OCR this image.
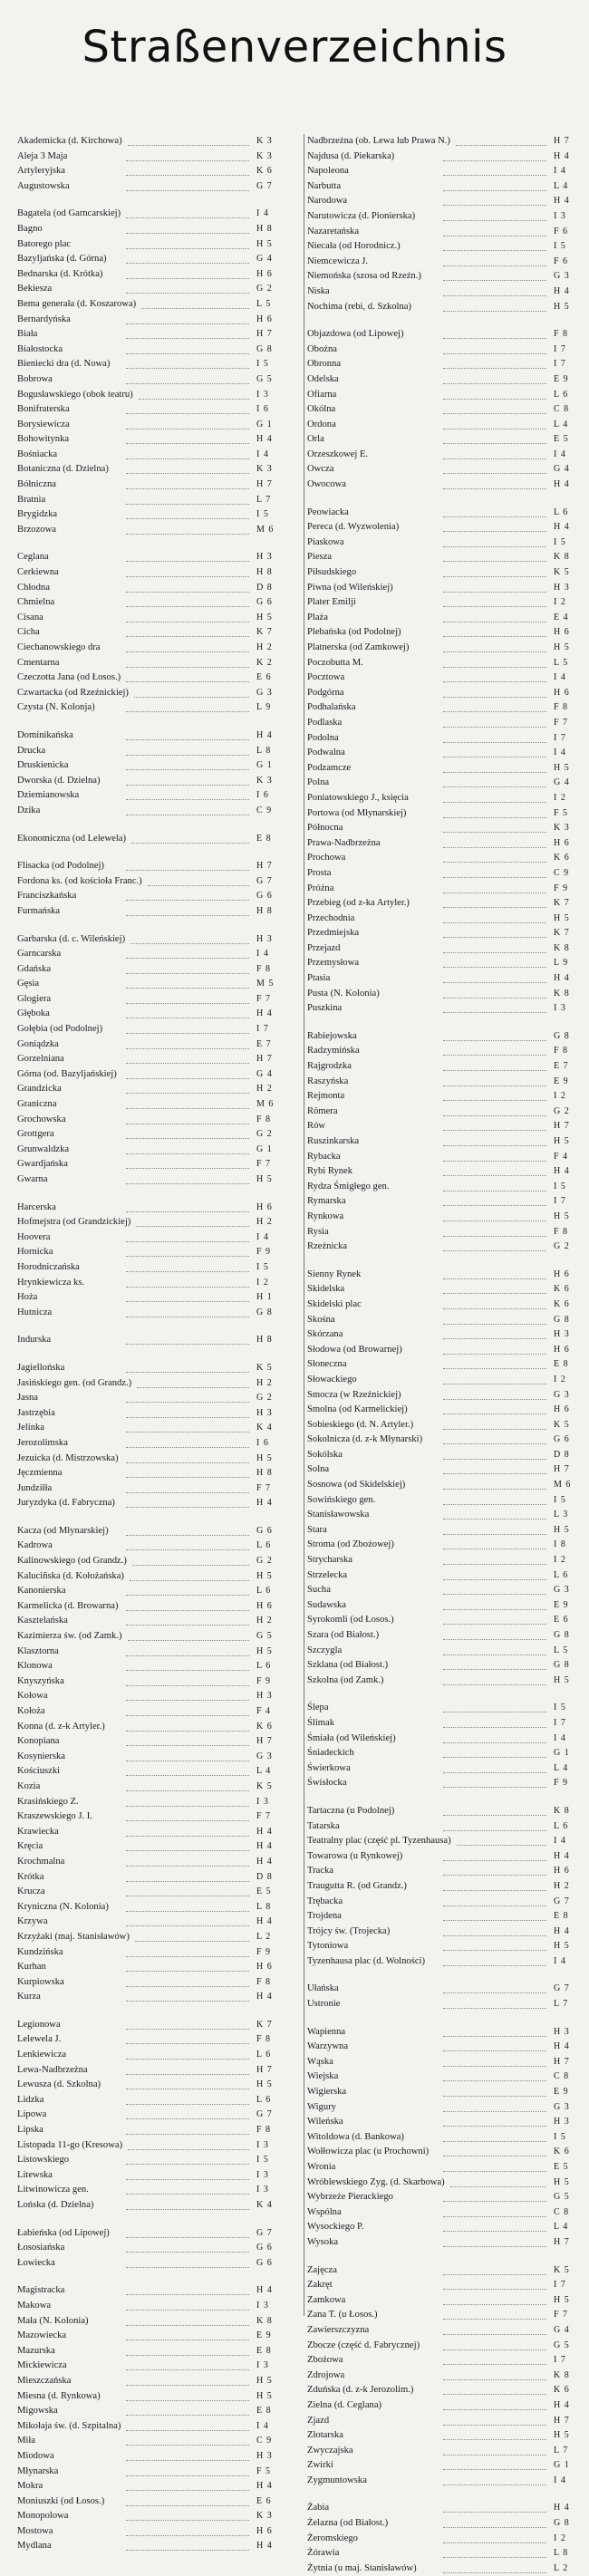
Straßenverzeichnis
Akademicka (d. Kirchowa)	K 3
Aleja 3 Maja	K 3
Artyleryjska	K 6
Augustowska	G 7
Bagatela (od Garncarskiej)	I 4
Bagno	H 8
Batorego plac	H 5
Bazyljańska (d. Górna)	G 4
Bednarska (d. Krótka)	H 6
Bekiesza	G 2
Bema generała (d. Koszarowa)	L 5
Bernardyńska	H 6
Biała	H 7
Białostocka	G 8
Bieniecki dra (d. Nowa)	I 5
Bobrowa	G 5
Bogusławskiego (obok teatru)	I 3
Bonifraterska	I 6
Borysiewicza	G 1
Bohowitynka	H 4
Bośniacka	I 4
Botaniczna (d. Dzielna)	K 3
Bółniczna	H 7
Bratnia	L 7
Brygidzka	I 5
Brzozowa	M 6
Ceglana	H 3
Cerkiewna	H 8
Chłodna	D 8
Chmielna	G 6
Cisana	H 5
Cicha	K 7
Ciechanowskiego dra	H 2
Cmentarna	K 2
Czeczotta Jana (od Łosos.)	E 6
Czwartacka (od Rzeźnickiej)	G 3
Czysta (N. Kolonja)	L 9
Dominikańska	H 4
Drucka	L 8
Druskienicka	G 1
Dworska (d. Dzielna)	K 3
Dziemianowska	I 6
Dzika	C 9
Ekonomiczna (od Lelewela)	E 8
Flisacka (od Podolnej)	H 7
Fordona ks. (od kościoła Franc.)	G 7
Franciszkańska	G 6
Furmańska	H 8
Garbarska (d. c. Wileńskiej)	H 3
Garncarska	I 4
Gdańska	F 8
Gęsia	M 5
Glogiera	F 7
Głęboka	H 4
Gołębia (od Podolnej)	I 7
Goniądzka	E 7
Gorzelniana	H 7
Górna (od. Bazyljańskiej)	G 4
Grandzicka	H 2
Graniczna	M 6
Grochowska	F 8
Grottgera	G 2
Grunwaldzka	G 1
Gwardjańska	F 7
Gwarna	H 5
Harcerska	H 6
Hofmejstra (od Grandzickiej)	H 2
Hoovera	I 4
Hornicka	F 9
Horodniczańska	I 5
Hrynkiewicza ks.	I 2
Hoża	H 1
Hutnicza	G 8
Indurska	H 8
Jagiellońska	K 5
Jasińskiego gen. (od Grandz.)	H 2
Jasna	G 2
Jastrzębia	H 3
Jelinka	K 4
Jerozolimska	I 6
Jezuicka (d. Mistrzowska)	H 5
Jęczmienna	H 8
Jundziłła	F 7
Juryzdyka (d. Fabryczna)	H 4
Kacza (od Młynarskiej)	G 6
Kadrowa	L 6
Kalinowskiego (od Grandz.)	G 2
Kaluciñska (d. Kołożańska)	H 5
Kanonierska	L 6
Karmelicka (d. Browarna)	H 6
Kasztelańska	H 2
Kazimierza św. (od Zamk.)	G 5
Klasztorna	H 5
Klonowa	L 6
Knyszyńska	F 9
Kołowa	H 3
Kołoża	F 4
Konna (d. z-k Artyler.)	K 6
Konopiana	H 7
Kosynierska	G 3
Kościuszki	L 4
Kozia	K 5
Krasińskiego Z.	I 3
Kraszewskiego J. I.	F 7
Krawiecka	H 4
Kręcia	H 4
Krochmalna	H 4
Krótka	D 8
Krucza	E 5
Kryniczna (N. Kolonia)	L 8
Krzywa	H 4
Krzyżaki (maj. Stanisławów)	L 2
Kundzińska	F 9
Kurhan	H 6
Kurpiowska	F 8
Kurza	H 4
Legionowa	K 7
Lelewela J.	F 8
Lenkiewicza	L 6
Lewa-Nadbrzeżna	H 7
Lewusza (d. Szkolna)	H 5
Lidzka	L 6
Lipowa	G 7
Lipska	F 8
Listopada 11-go (Kresowa)	I 3
Listowskiego	I 5
Litewska	I 3
Litwinowicza gen.	I 3
Lońska (d. Dzielna)	K 4
Łabieńska (od Lipowej)	G 7
Łososiańska	G 6
Łowiecka	G 6
Magistracka	H 4
Makowa	I 3
Mała (N. Kolonia)	K 8
Mazowiecka	E 9
Mazurska	E 8
Mickiewicza	I 3
Mieszczańska	H 5
Miesna (d. Rynkowa)	H 5
Migowska	E 8
Mikołaja św. (d. Szpitalna)	I 4
Miła	C 9
Miodowa	H 3
Młynarska	F 5
Mokra	H 4
Moniuszki (od Łosos.)	E 6
Monopolowa	K 3
Mostowa	H 6
Mydlana	H 4
Nadbrzeżna (ob. Lewa lub Prawa N.)	H 7
Najdusa (d. Piekarska)	H 4
Napoleona	I 4
Narbutta	L 4
Narodowa	H 4
Narutowicza (d. Pionierska)	I 3
Nazaretańska	F 6
Niecała (od Horodnicz.)	I 5
Niemcewicza J.	F 6
Niemońska (szosa od Rzeźn.)	G 3
Niska	H 4
Nochima (rebi, d. Szkolna)	H 5
Objazdowa (od Lipowej)	F 8
Obożna	I 7
Obronna	I 7
Odelska	E 9
Ofiarna	L 6
Okólna	C 8
Ordona	L 4
Orla	E 5
Orzeszkowej E.	I 4
Owcza	G 4
Owocowa	H 4
Peowiacka	L 6
Pereca (d. Wyzwolenia)	H 4
Piaskowa	I 5
Piesza	K 8
Piłsudskiego	K 5
Piwna (od Wileńskiej)	H 3
Plater Emilji	I 2
Plaża	E 4
Plebańska (od Podolnej)	H 6
Platnerska (od Zamkowej)	H 5
Poczobutta M.	L 5
Pocztowa	I 4
Podgórna	H 6
Podhalańska	F 8
Podlaska	F 7
Podolna	I 7
Podwalna	I 4
Podzamcze	H 5
Polna	G 4
Poniatowskiego J., księcia	I 2
Portowa (od Młynarskiej)	F 5
Północna	K 3
Prawa-Nadbrzeżna	H 6
Prochowa	K 6
Prosta	C 9
Próżna	F 9
Przebieg (od z-ka Artyler.)	K 7
Przechodnia	H 5
Przedmiejska	K 7
Przejazd	K 8
Przemysłowa	L 9
Ptasia	H 4
Pusta (N. Kolonia)	K 8
Puszkina	I 3
Rabiejowska	G 8
Radzymińska	F 8
Rajgrodzka	E 7
Raszyńska	E 9
Rejmonta	I 2
Römera	G 2
Rów	H 7
Ruszinkarska	H 5
Rybacka	F 4
Rybi Rynek	H 4
Rydza Śmigłego gen.	I 5
Rymarska	I 7
Rynkowa	H 5
Rysia	F 8
Rzeźnicka	G 2
Sienny Rynek	H 6
Skidelska	K 6
Skidelski plac	K 6
Skośna	G 8
Skórzana	H 3
Słodowa (od Browarnej)	H 6
Słoneczna	E 8
Słowackiego	I 2
Smocza (w Rzeźnickiej)	G 3
Smolna (od Karmelickiej)	H 6
Sobieskiego (d. N. Artyler.)	K 5
Sokolnicza (d. z-k Młynarski)	G 6
Sokólska	D 8
Solna	H 7
Sosnowa (od Skidelskiej)	M 6
Sowińskiego gen.	I 5
Stanisławowska	L 3
Stara	H 5
Stroma (od Zbożowej)	I 8
Strycharska	I 2
Strzelecka	L 6
Sucha	G 3
Sudawska	E 9
Syrokomli (od Łosos.)	E 6
Szara (od Białost.)	G 8
Szczygla	L 5
Szklana (od Białost.)	G 8
Szkolna (od Zamk.)	H 5
Ślepa	I 5
Ślimak	I 7
Śmiała (od Wileńskiej)	I 4
Śniadeckich	G 1
Świerkowa	L 4
Świsłocka	F 9
Tartaczna (u Podolnej)	K 8
Tatarska	L 6
Teatralny plac (część pl. Tyzenhausa)	I 4
Towarowa (u Rynkowej)	H 4
Tracka	H 6
Traugutta R. (od Grandz.)	H 2
Trębacka	G 7
Trojdena	E 8
Trójcy św. (Trojecka)	H 4
Tytoniowa	H 5
Tyzenhausa plac (d. Wolności)	I 4
Ułańska	G 7
Ustronie	L 7
Wapienna	H 3
Warzywna	H 4
Wąska	H 7
Wiejska	C 8
Wigierska	E 9
Wigury	G 3
Wileńska	H 3
Witoldowa (d. Bankowa)	I 5
Wołłowicza plac (u Prochowni)	K 6
Wronia	E 5
Wróblewskiego Zyg. (d. Skarbowa)	H 5
Wybrzeże Pierackiego	G 5
Wspólna	C 8
Wysockiego P.	L 4
Wysoka	H 7
Zajęcza	K 5
Zakręt	I 7
Zamkowa	H 5
Zana T. (u Łosos.)	F 7
Zawierszczyzna	G 4
Zbocze (część d. Fabrycznej)	G 5
Zbożowa	I 7
Zdrojowa	K 8
Zduńska (d. z-k Jerozolim.)	K 6
Zielna (d. Ceglana)	H 4
Zjazd	H 7
Złotarska	H 5
Zwyczajska	L 7
Zwirki	G 1
Zygmuntowska	I 4
Żabia	H 4
Żelazna (od Białost.)	G 8
Żeromskiego	I 2
Żórawia	L 8
Żytnia (u maj. Stanisławów)	L 2
